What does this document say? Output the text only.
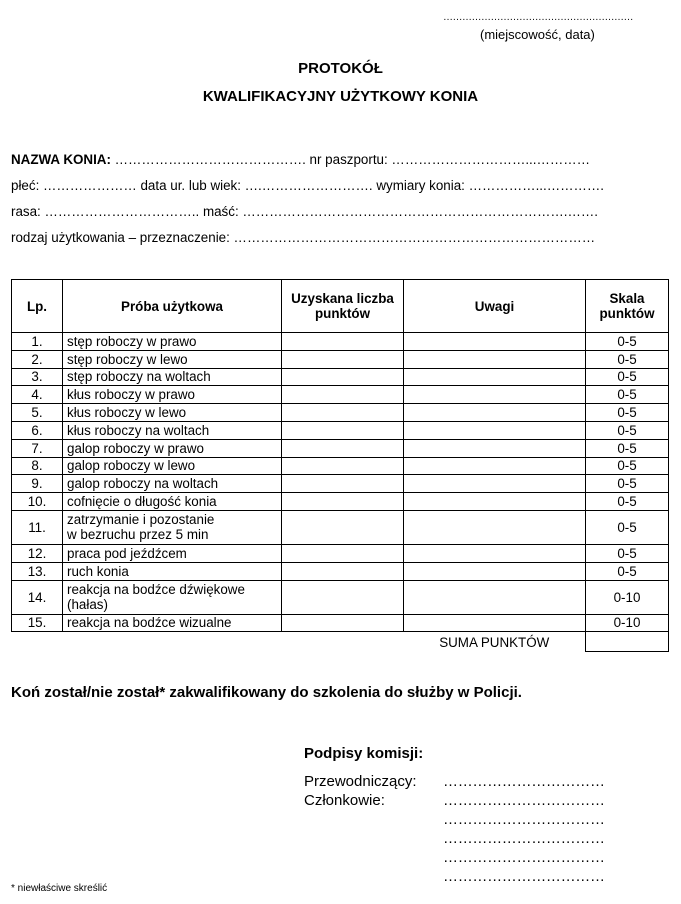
……………………………………………………
(miejscowość, data)
PROTOKÓŁ
KWALIFIKACYJNY UŻYTKOWY KONIA
NAZWA KONIA: ……………………………………. nr paszportu: …………………………...…………
płeć: ………………… data ur. lub wiek: ….……………………. wymiary konia: ……………...………….
rasa: …………………………….. maść: ……………………………………………………………….…….
rodzaj użytkowania – przeznaczenie: ………………………………………………………………………
Lp.	Próba użytkowa	Uzyskana liczba punktów	Uwagi	Skala punktów
1.	stęp roboczy w prawo			0-5
2.	stęp roboczy w lewo			0-5
3.	stęp roboczy na woltach			0-5
4.	kłus roboczy w prawo			0-5
5.	kłus roboczy w lewo			0-5
6.	kłus roboczy na woltach			0-5
7.	galop roboczy w prawo			0-5
8.	galop roboczy w lewo			0-5
9.	galop roboczy na woltach			0-5
10.	cofnięcie o długość konia			0-5
11.	zatrzymanie i pozostanie
w bezruchu przez 5 min			0-5
12.	praca pod jeźdźcem			0-5
13.	ruch konia			0-5
14.	reakcja na bodźce dźwiękowe
(hałas)			0-10
15.	reakcja na bodźce wizualne			0-10
			SUMA PUNKTÓW	
Koń został/nie został* zakwalifikowany do szkolenia do służby w Policji.
Podpisy komisji:
Przewodniczący:
Członkowie:
……………………………
……………………………
……………………………
……………………………
……………………………
……………………………
* niewłaściwe skreślić
